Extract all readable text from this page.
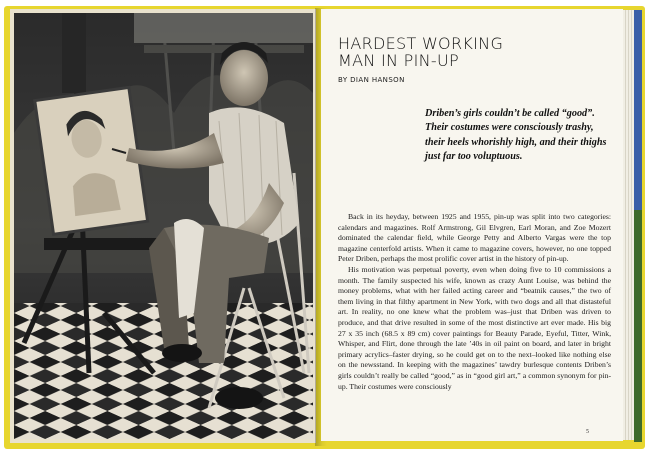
HARDEST WORKING
MAN IN PIN-UP
BY DIAN HANSON
Driben’s girls couldn’t be called “good”. Their costumes were consciously trashy, their heels whorishly high, and their thighs just far too voluptuous.

Back in its heyday, between 1925 and 1955, pin-up was split into two categories: calendars and magazines. Rolf Armstrong, Gil Elvgren, Earl Moran, and Zoe Mozert dominated the calendar field, while George Petty and Alberto Vargas were the top magazine centerfold artists. When it came to magazine covers, however, no one topped Peter Driben, perhaps the most prolific cover artist in the history of pin-up.

His motivation was perpetual poverty, even when doing five to 10 commissions a month. The family suspected his wife, known as crazy Aunt Louise, was behind the money problems, what with her failed acting career and “beatnik causes,” the two of them living in that filthy apartment in New York, with two dogs and all that distasteful art. In reality, no one knew what the problem was–just that Driben was driven to produce, and that drive resulted in some of the most distinctive art ever made. His big 27 x 35 inch (68.5 x 89 cm) cover paintings for Beauty Parade, Eyeful, Titter, Wink, Whisper, and Flirt, done through the late ’40s in oil paint on board, and later in bright primary acrylics–faster drying, so he could get on to the next–looked like nothing else on the newsstand. In keeping with the magazines’ tawdry burlesque contents Driben’s girls couldn’t really be called “good,” as in “good girl art,” a common synonym for pin-up. Their costumes were consciously

5
